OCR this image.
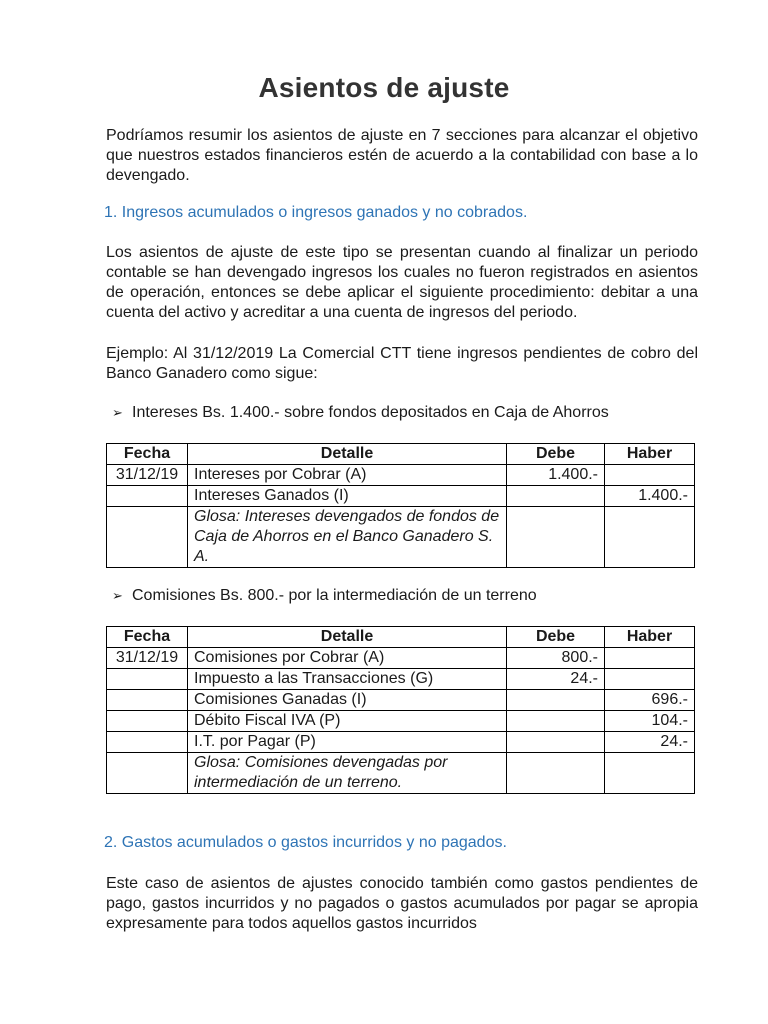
Asientos de ajuste
Podríamos resumir los asientos de ajuste en 7 secciones para alcanzar el objetivo que nuestros estados financieros estén de acuerdo a la contabilidad con base a lo devengado.
1. Ingresos acumulados o ingresos ganados y no cobrados.
Los asientos de ajuste de este tipo se presentan cuando al finalizar un periodo contable se han devengado ingresos los cuales no fueron registrados en asientos de operación, entonces se debe aplicar el siguiente procedimiento: debitar a una cuenta del activo y acreditar a una cuenta de ingresos del periodo.
Ejemplo: Al 31/12/2019 La Comercial CTT tiene ingresos pendientes de cobro del Banco Ganadero como sigue:
➢ Intereses Bs. 1.400.- sobre fondos depositados en Caja de Ahorros
Fecha	Detalle	Debe	Haber
31/12/19	Intereses por Cobrar (A)	1.400.-	
	Intereses Ganados (I)		1.400.-
	Glosa: Intereses devengados de fondos de Caja de Ahorros en el Banco Ganadero S. A.		
➢ Comisiones Bs. 800.- por la intermediación de un terreno
Fecha	Detalle	Debe	Haber
31/12/19	Comisiones por Cobrar (A)	800.-	
	Impuesto a las Transacciones (G)	24.-	
	Comisiones Ganadas (I)		696.-
	Débito Fiscal IVA (P)		104.-
	I.T. por Pagar (P)		24.-
	Glosa: Comisiones devengadas por intermediación de un terreno.		
2. Gastos acumulados o gastos incurridos y no pagados.
Este caso de asientos de ajustes conocido también como gastos pendientes de pago, gastos incurridos y no pagados o gastos acumulados por pagar se apropia expresamente para todos aquellos gastos incurridos
